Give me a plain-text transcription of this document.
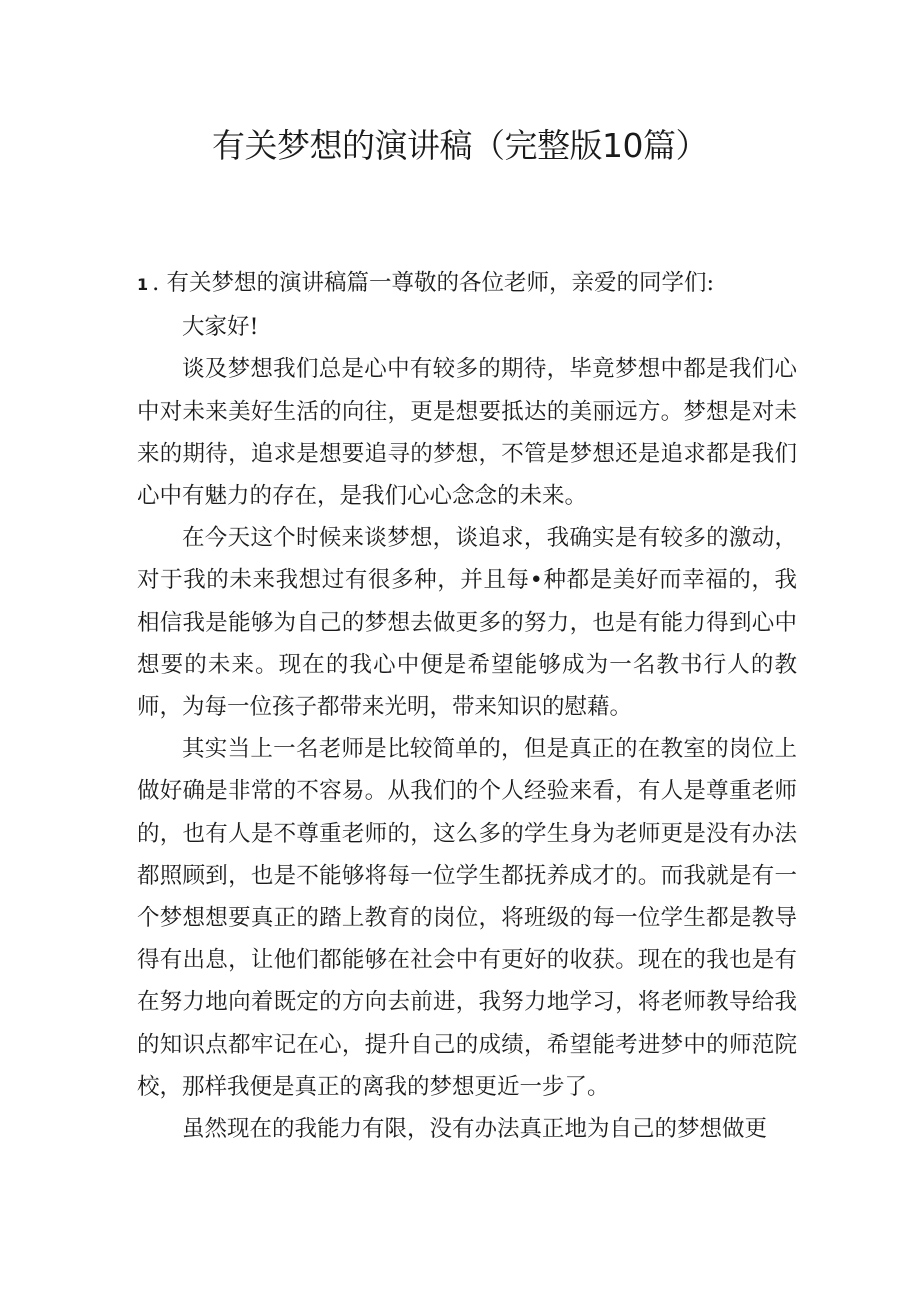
有关梦想的演讲稿（完整版10篇）

1 . 有关梦想的演讲稿篇一尊敬的各位老师，亲爱的同学们:

大家好!

谈及梦想我们总是心中有较多的期待，毕竟梦想中都是我们心中对未来美好生活的向往，更是想要抵达的美丽远方。梦想是对未来的期待，追求是想要追寻的梦想，不管是梦想还是追求都是我们心中有魅力的存在，是我们心心念念的未来。

在今天这个时候来谈梦想，谈追求，我确实是有较多的激动，对于我的未来我想过有很多种，并且每•种都是美好而幸福的，我相信我是能够为自己的梦想去做更多的努力，也是有能力得到心中想要的未来。现在的我心中便是希望能够成为一名教书行人的教师，为每一位孩子都带来光明，带来知识的慰藉。

其实当上一名老师是比较简单的，但是真正的在教室的岗位上做好确是非常的不容易。从我们的个人经验来看，有人是尊重老师的，也有人是不尊重老师的，这么多的学生身为老师更是没有办法都照顾到，也是不能够将每一位学生都抚养成才的。而我就是有一个梦想想要真正的踏上教育的岗位，将班级的每一位学生都是教导得有出息，让他们都能够在社会中有更好的收获。现在的我也是有在努力地向着既定的方向去前进，我努力地学习，将老师教导给我的知识点都牢记在心，提升自己的成绩，希望能考进梦中的师范院校，那样我便是真正的离我的梦想更近一步了。

虽然现在的我能力有限，没有办法真正地为自己的梦想做更
